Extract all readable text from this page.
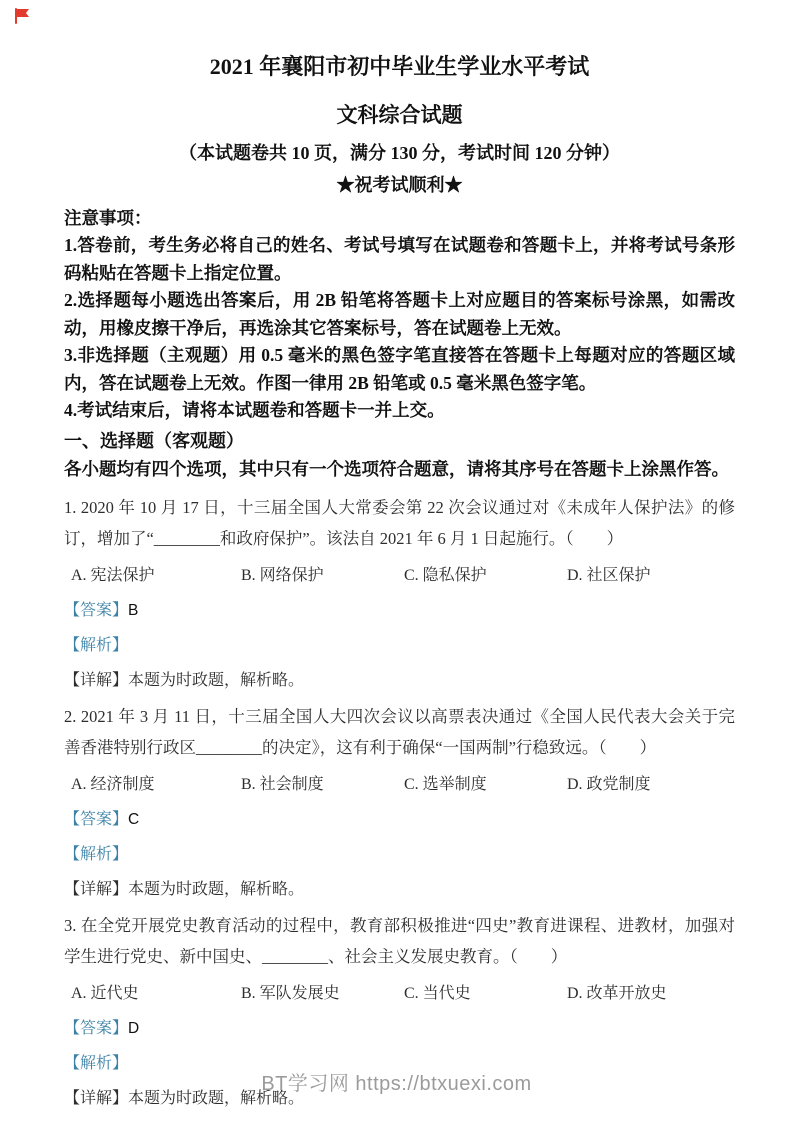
2021 年襄阳市初中毕业生学业水平考试
文科综合试题

（本试题卷共 10 页，满分 130 分，考试时间 120 分钟）

★祝考试顺利★

注意事项：

1.答卷前，考生务必将自己的姓名、考试号填写在试题卷和答题卡上，并将考试号条形码粘贴在答题卡上指定位置。

2.选择题每小题选出答案后，用 2B 铅笔将答题卡上对应题目的答案标号涂黑，如需改动，用橡皮擦干净后，再选涂其它答案标号，答在试题卷上无效。

3.非选择题（主观题）用 0.5 毫米的黑色签字笔直接答在答题卡上每题对应的答题区域内，答在试题卷上无效。作图一律用 2B 铅笔或 0.5 毫米黑色签字笔。

4.考试结束后，请将本试题卷和答题卡一并上交。

一、选择题（客观题）

各小题均有四个选项，其中只有一个选项符合题意，请将其序号在答题卡上涂黑作答。

1. 2020 年 10 月 17 日，十三届全国人大常委会第 22 次会议通过对《未成年人保护法》的修订，增加了“________和政府保护”。该法自 2021 年 6 月 1 日起施行。（　　）

A. 宪法保护	B. 网络保护	C. 隐私保护	D. 社区保护

【答案】B

【解析】

【详解】本题为时政题，解析略。

2. 2021 年 3 月 11 日，十三届全国人大四次会议以高票表决通过《全国人民代表大会关于完善香港特别行政区________的决定》，这有利于确保“一国两制”行稳致远。（　　）

A. 经济制度	B. 社会制度	C. 选举制度	D. 政党制度

【答案】C

【解析】

【详解】本题为时政题，解析略。

3. 在全党开展党史教育活动的过程中，教育部积极推进“四史”教育进课程、进教材，加强对学生进行党史、新中国史、________、社会主义发展史教育。（　　）

A. 近代史	B. 军队发展史	C. 当代史	D. 改革开放史

【答案】D

【解析】

【详解】本题为时政题，解析略。

BT学习网 https://btxuexi.com
